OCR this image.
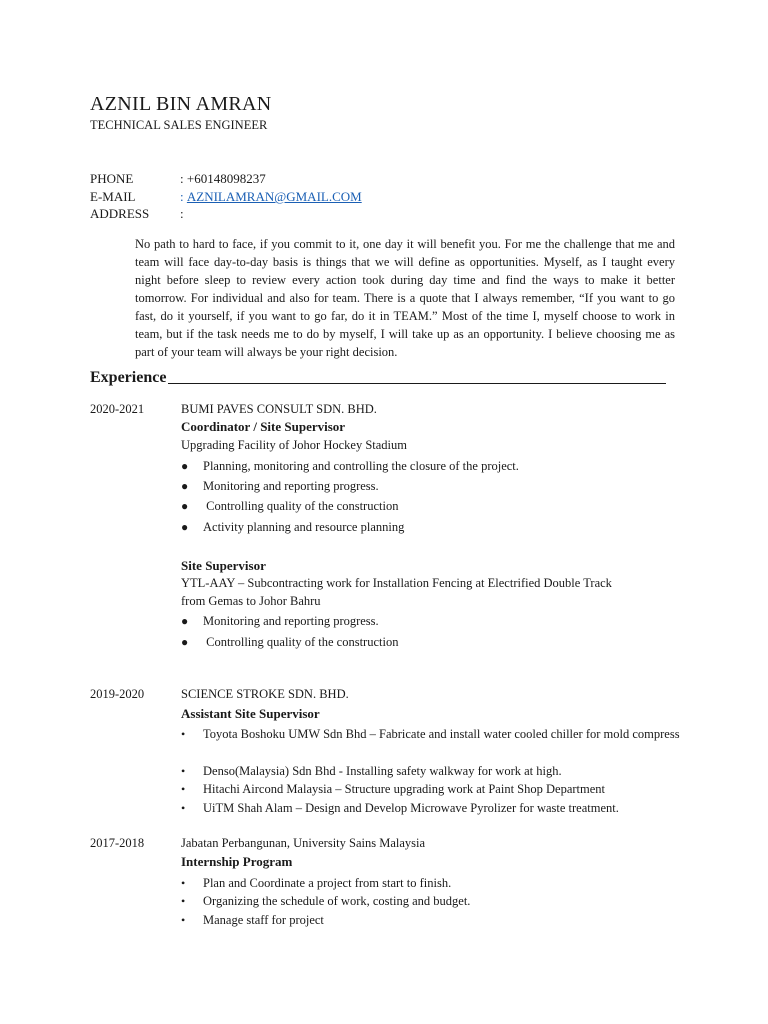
AZNIL BIN AMRAN
TECHNICAL SALES ENGINEER
PHONE	: +60148098237
E-MAIL	: AZNILAMRAN@GMAIL.COM
ADDRESS	:
No path to hard to face, if you commit to it, one day it will benefit you. For me the challenge that me and team will face day-to-day basis is things that we will define as opportunities. Myself, as I taught every night before sleep to review every action took during day time and find the ways to make it better tomorrow. For individual and also for team. There is a quote that I always remember, “If you want to go fast, do it yourself, if you want to go far, do it in TEAM.” Most of the time I, myself choose to work in team, but if the task needs me to do by myself, I will take up as an opportunity. I believe choosing me as part of your team will always be your right decision.
Experience
2020-2021	BUMI PAVES CONSULT SDN. BHD.
Coordinator / Site Supervisor
Upgrading Facility of Johor Hockey Stadium
●	Planning, monitoring and controlling the closure of the project.
●	Monitoring and reporting progress.
●	Controlling quality of the construction
●	Activity planning and resource planning
Site Supervisor
YTL-AAY – Subcontracting work for Installation Fencing at Electrified Double Track
from Gemas to Johor Bahru
●	Monitoring and reporting progress.
●	Controlling quality of the construction
2019-2020	SCIENCE STROKE SDN. BHD.
Assistant Site Supervisor
•	Toyota Boshoku UMW Sdn Bhd – Fabricate and install water cooled chiller for mold compress
•	Denso(Malaysia) Sdn Bhd - Installing safety walkway for work at high.
•	Hitachi Aircond Malaysia – Structure upgrading work at Paint Shop Department
•	UiTM Shah Alam – Design and Develop Microwave Pyrolizer for waste treatment.
2017-2018	Jabatan Perbangunan, University Sains Malaysia
Internship Program
•	Plan and Coordinate a project from start to finish.
•	Organizing the schedule of work, costing and budget.
•	Manage staff for project
